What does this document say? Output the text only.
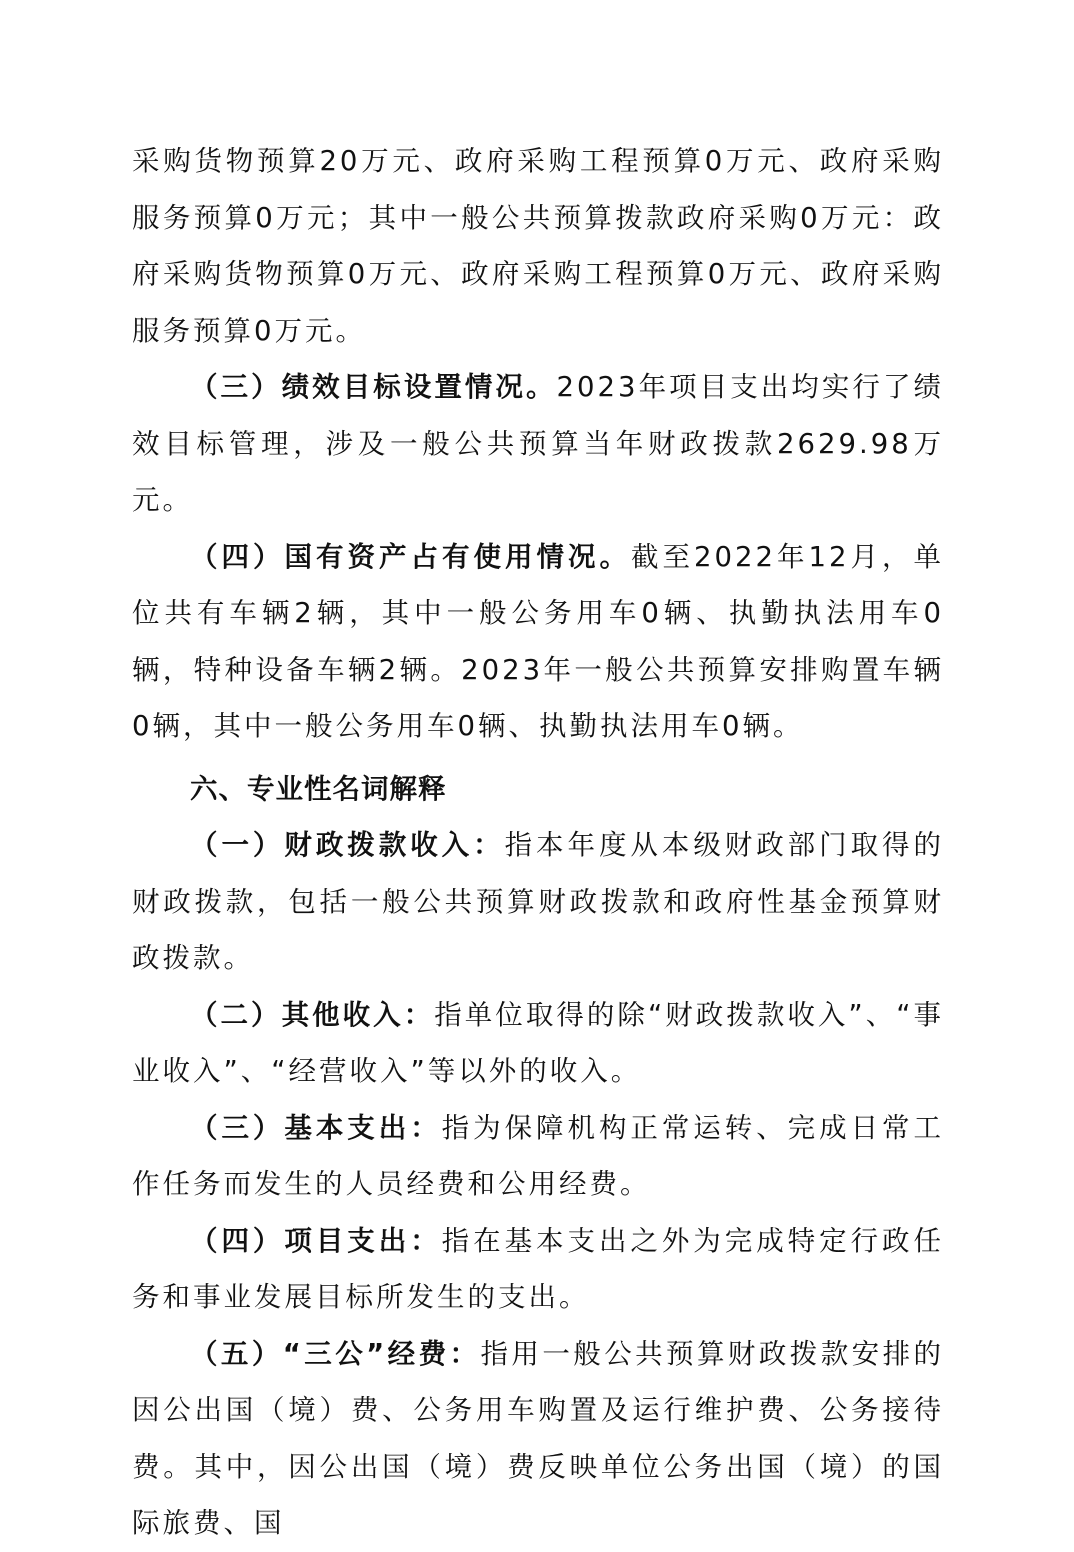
采购货物预算20万元、政府采购工程预算0万元、政府采购服务预算0万元；其中一般公共预算拨款政府采购0万元：政府采购货物预算0万元、政府采购工程预算0万元、政府采购服务预算0万元。

（三）绩效目标设置情况。2023年项目支出均实行了绩效目标管理，涉及一般公共预算当年财政拨款2629.98万元。

（四）国有资产占有使用情况。截至2022年12月，单位共有车辆2辆，其中一般公务用车0辆、执勤执法用车0辆，特种设备车辆2辆。2023年一般公共预算安排购置车辆0辆，其中一般公务用车0辆、执勤执法用车0辆。

六、专业性名词解释

（一）财政拨款收入：指本年度从本级财政部门取得的财政拨款，包括一般公共预算财政拨款和政府性基金预算财政拨款。

（二）其他收入：指单位取得的除“财政拨款收入”、“事业收入”、“经营收入”等以外的收入。

（三）基本支出：指为保障机构正常运转、完成日常工作任务而发生的人员经费和公用经费。

（四）项目支出：指在基本支出之外为完成特定行政任务和事业发展目标所发生的支出。

（五）“三公”经费：指用一般公共预算财政拨款安排的因公出国（境）费、公务用车购置及运行维护费、公务接待费。其中，因公出国（境）费反映单位公务出国（境）的国际旅费、国
